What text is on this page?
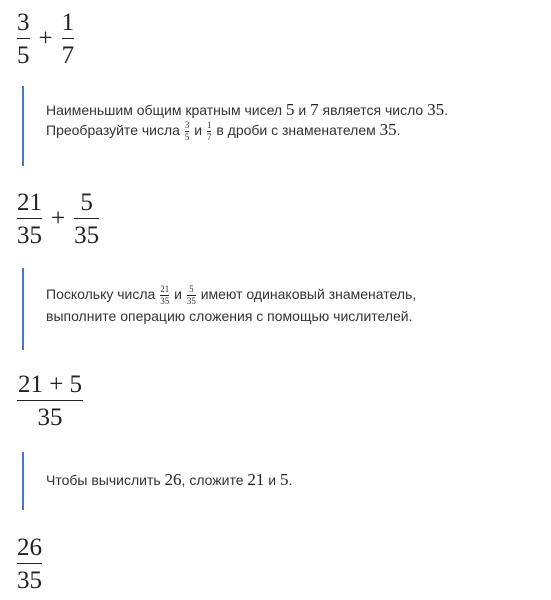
$\frac{3}{5} + \frac{1}{7}$
Наименьшим общим кратным чисел 5 и 7 является число 35.
Преобразуйте числа $\frac{3}{5}$ и $\frac{1}{7}$ в дроби с знаменателем 35.
$\frac{21}{35} + \frac{5}{35}$
Поскольку числа $\frac{21}{35}$ и $\frac{5}{35}$ имеют одинаковый знаменатель,
выполните операцию сложения с помощью числителей.
$\frac{21 + 5}{35}$
Чтобы вычислить 26, сложите 21 и 5.
$\frac{26}{35}$
